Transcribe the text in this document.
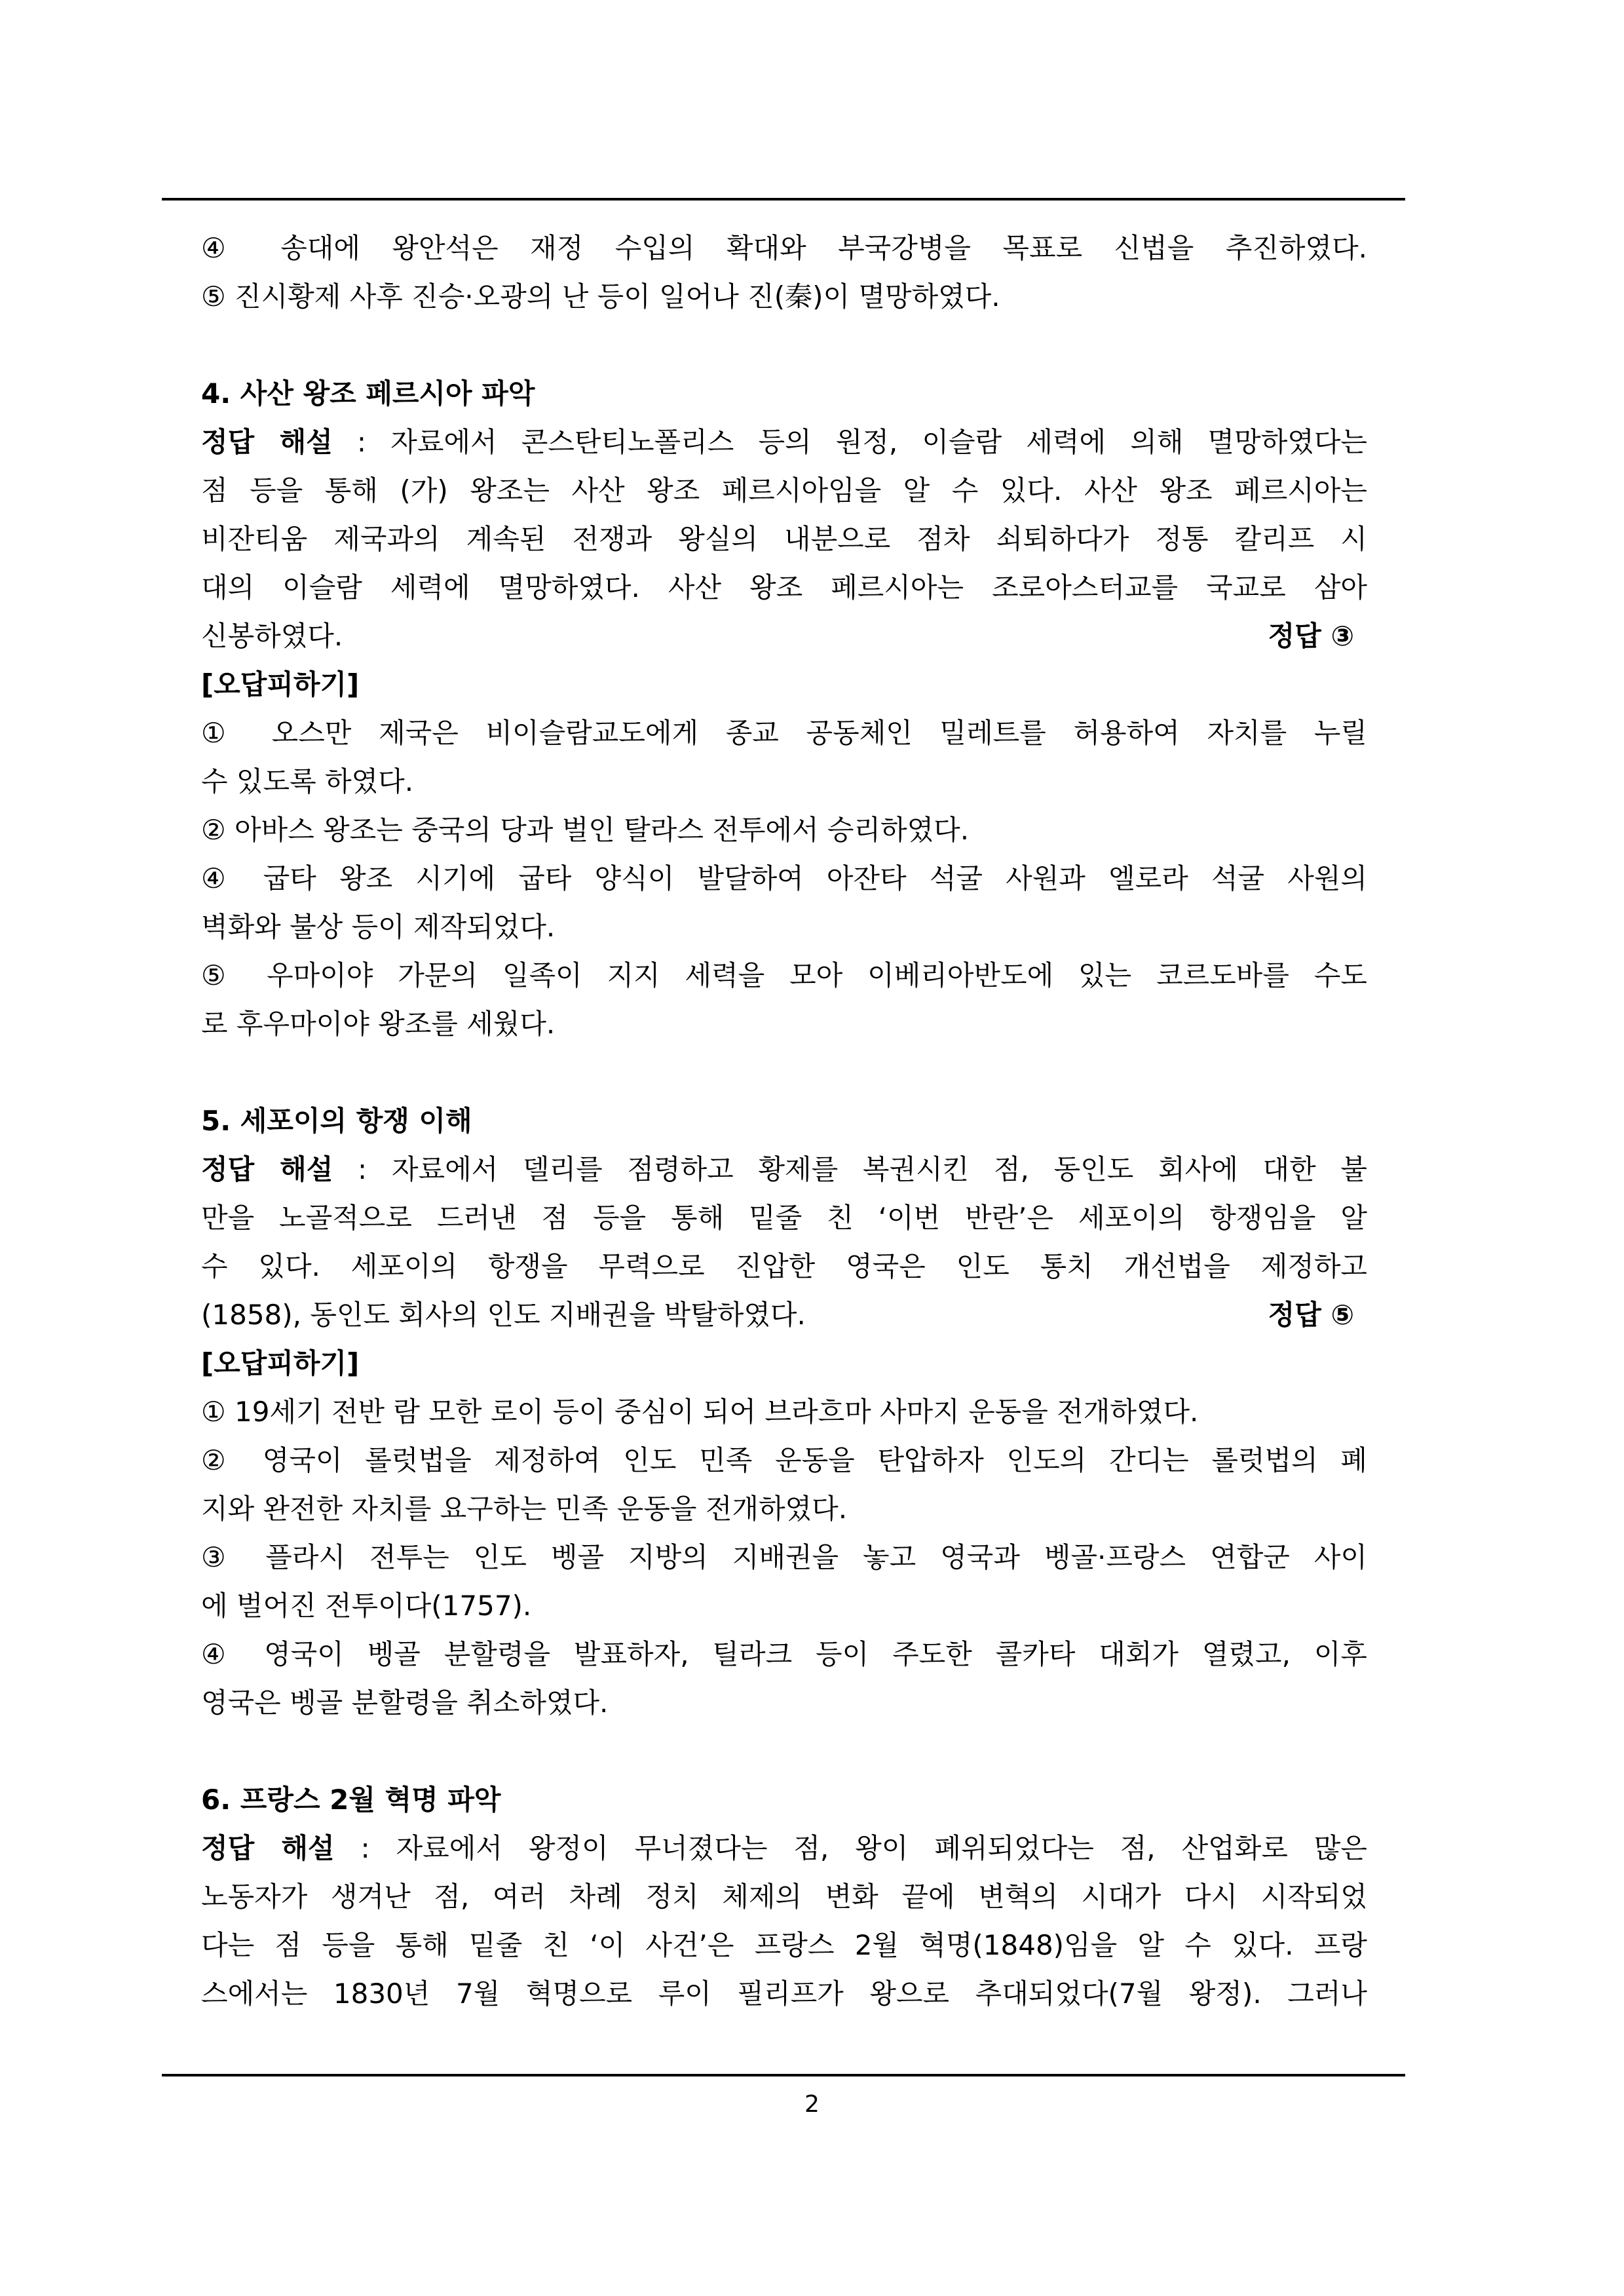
④ 송대에 왕안석은 재정 수입의 확대와 부국강병을 목표로 신법을 추진하였다.
⑤ 진시황제 사후 진승·오광의 난 등이 일어나 진(秦)이 멸망하였다.
4. 사산 왕조 페르시아 파악
정답 해설 : 자료에서 콘스탄티노폴리스 등의 원정, 이슬람 세력에 의해 멸망하였다는
점 등을 통해 (가) 왕조는 사산 왕조 페르시아임을 알 수 있다. 사산 왕조 페르시아는
비잔티움 제국과의 계속된 전쟁과 왕실의 내분으로 점차 쇠퇴하다가 정통 칼리프 시
대의 이슬람 세력에 멸망하였다. 사산 왕조 페르시아는 조로아스터교를 국교로 삼아
신봉하였다.	정답 ③
[오답피하기]
① 오스만 제국은 비이슬람교도에게 종교 공동체인 밀레트를 허용하여 자치를 누릴
수 있도록 하였다.
② 아바스 왕조는 중국의 당과 벌인 탈라스 전투에서 승리하였다.
④ 굽타 왕조 시기에 굽타 양식이 발달하여 아잔타 석굴 사원과 엘로라 석굴 사원의
벽화와 불상 등이 제작되었다.
⑤ 우마이야 가문의 일족이 지지 세력을 모아 이베리아반도에 있는 코르도바를 수도
로 후우마이야 왕조를 세웠다.
5. 세포이의 항쟁 이해
정답 해설 : 자료에서 델리를 점령하고 황제를 복권시킨 점, 동인도 회사에 대한 불
만을 노골적으로 드러낸 점 등을 통해 밑줄 친 ‘이번 반란’은 세포이의 항쟁임을 알
수 있다. 세포이의 항쟁을 무력으로 진압한 영국은 인도 통치 개선법을 제정하고
(1858), 동인도 회사의 인도 지배권을 박탈하였다.	정답 ⑤
[오답피하기]
① 19세기 전반 람 모한 로이 등이 중심이 되어 브라흐마 사마지 운동을 전개하였다.
② 영국이 롤럿법을 제정하여 인도 민족 운동을 탄압하자 인도의 간디는 롤럿법의 폐
지와 완전한 자치를 요구하는 민족 운동을 전개하였다.
③ 플라시 전투는 인도 벵골 지방의 지배권을 놓고 영국과 벵골·프랑스 연합군 사이
에 벌어진 전투이다(1757).
④ 영국이 벵골 분할령을 발표하자, 틸라크 등이 주도한 콜카타 대회가 열렸고, 이후
영국은 벵골 분할령을 취소하였다.
6. 프랑스 2월 혁명 파악
정답 해설 : 자료에서 왕정이 무너졌다는 점, 왕이 폐위되었다는 점, 산업화로 많은
노동자가 생겨난 점, 여러 차례 정치 체제의 변화 끝에 변혁의 시대가 다시 시작되었
다는 점 등을 통해 밑줄 친 ‘이 사건’은 프랑스 2월 혁명(1848)임을 알 수 있다. 프랑
스에서는 1830년 7월 혁명으로 루이 필리프가 왕으로 추대되었다(7월 왕정). 그러나
2
